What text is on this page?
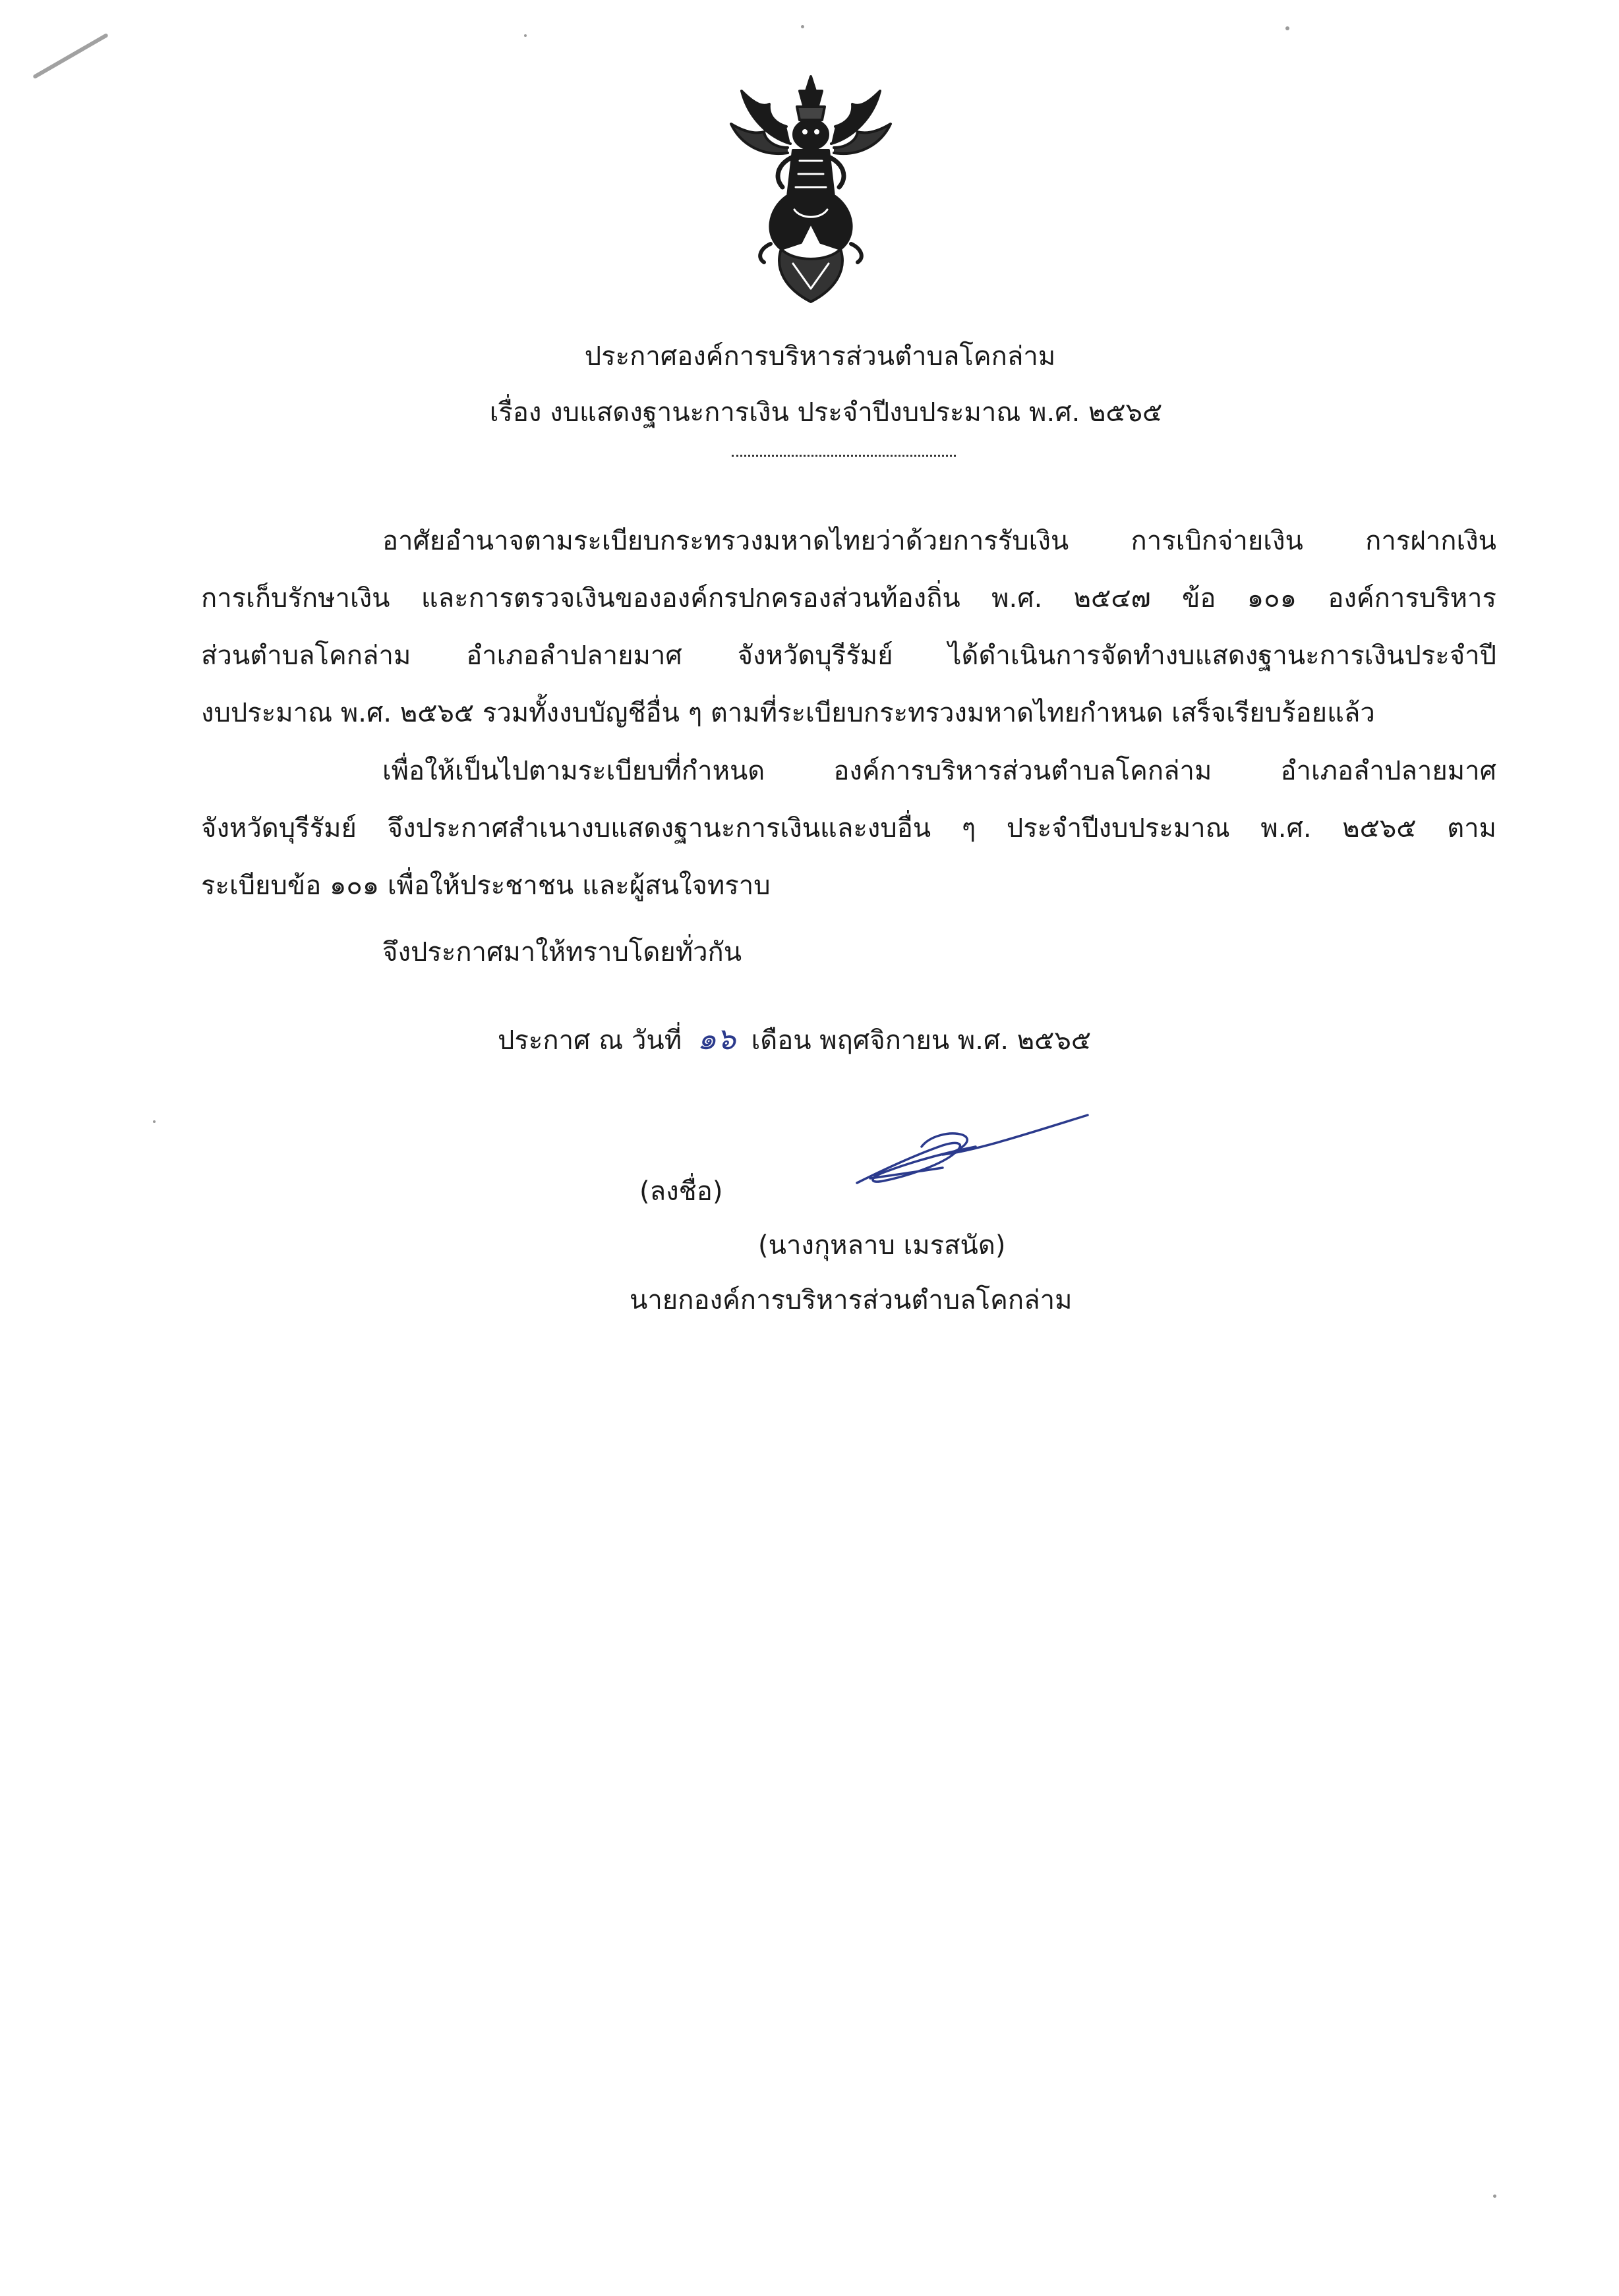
ประกาศองค์การบริหารส่วนตำบลโคกล่าม
เรื่อง งบแสดงฐานะการเงิน ประจำปีงบประมาณ พ.ศ. ๒๕๖๕
อาศัยอำนาจตามระเบียบกระทรวงมหาดไทยว่าด้วยการรับเงิน การเบิกจ่ายเงิน การฝากเงิน
การเก็บรักษาเงิน และการตรวจเงินขององค์กรปกครองส่วนท้องถิ่น พ.ศ. ๒๕๔๗ ข้อ ๑๐๑ องค์การบริหาร
ส่วนตำบลโคกล่าม อำเภอลำปลายมาศ จังหวัดบุรีรัมย์ ได้ดำเนินการจัดทำงบแสดงฐานะการเงินประจำปี
งบประมาณ พ.ศ. ๒๕๖๕ รวมทั้งงบบัญชีอื่น ๆ ตามที่ระเบียบกระทรวงมหาดไทยกำหนด เสร็จเรียบร้อยแล้ว
เพื่อให้เป็นไปตามระเบียบที่กำหนด องค์การบริหารส่วนตำบลโคกล่าม อำเภอลำปลายมาศ
จังหวัดบุรีรัมย์ จึงประกาศสำเนางบแสดงฐานะการเงินและงบอื่น ๆ ประจำปีงบประมาณ พ.ศ. ๒๕๖๕ ตาม
ระเบียบข้อ ๑๐๑ เพื่อให้ประชาชน และผู้สนใจทราบ
จึงประกาศมาให้ทราบโดยทั่วกัน
ประกาศ ณ วันที่ ๑๖ เดือน พฤศจิกายน พ.ศ. ๒๕๖๕
(ลงชื่อ)
(นางกุหลาบ เมรสนัด)
นายกองค์การบริหารส่วนตำบลโคกล่าม
